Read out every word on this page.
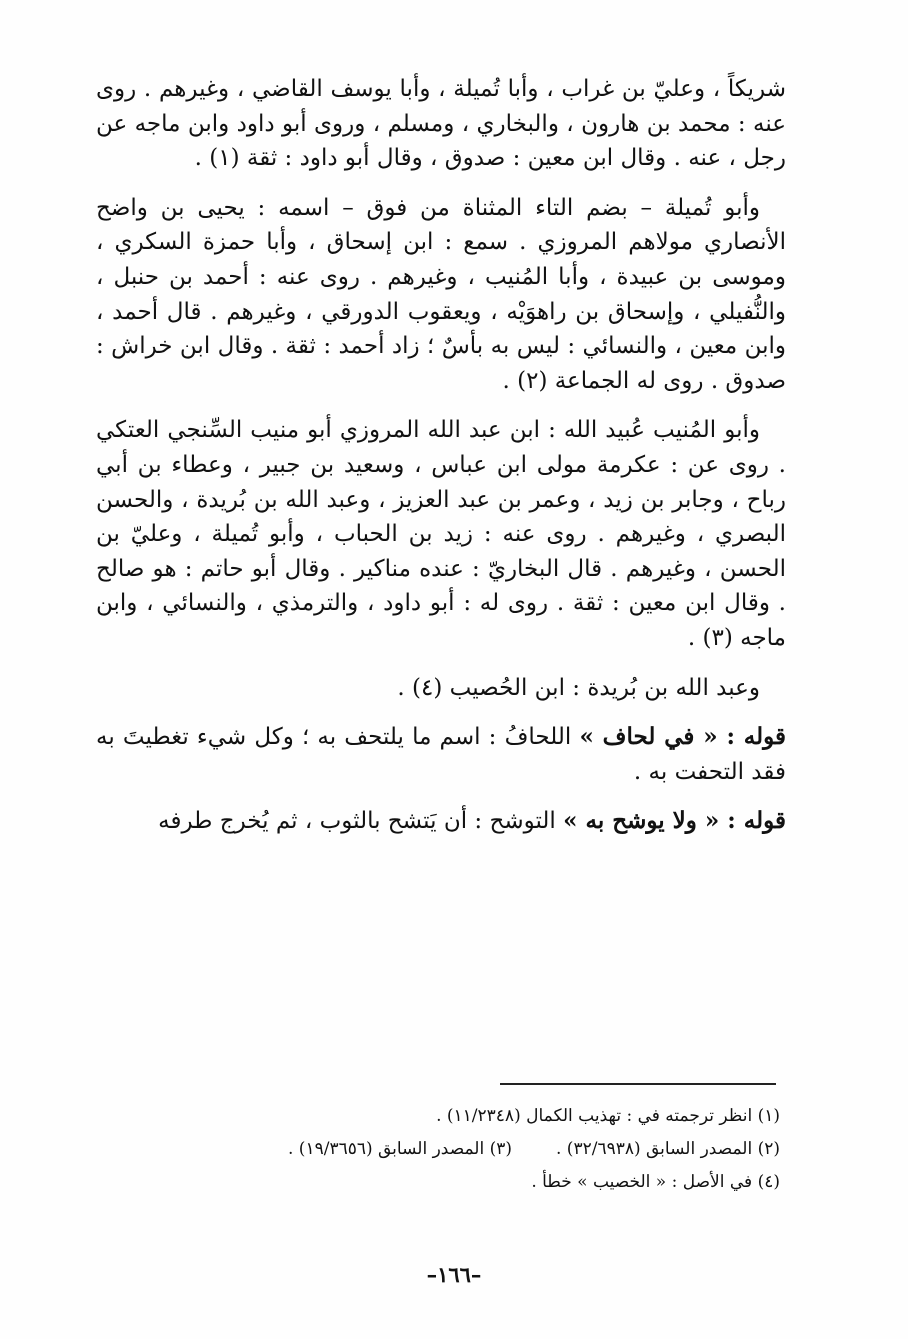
شريكاً ، وعليّ بن غراب ، وأبا تُميلة ، وأبا يوسف القاضي ، وغيرهم . روى عنه : محمد بن هارون ، والبخاري ، ومسلم ، وروى أبو داود وابن ماجه عن رجل ، عنه . وقال ابن معين : صدوق ، وقال أبو داود : ثقة (١) .

وأبو تُميلة – بضم التاء المثناة من فوق – اسمه : يحيى بن واضح الأنصاري مولاهم المروزي . سمع : ابن إسحاق ، وأبا حمزة السكري ، وموسى بن عبيدة ، وأبا المُنيب ، وغيرهم . روى عنه : أحمد بن حنبل ، والنُّفيلي ، وإسحاق بن راهوَيْه ، ويعقوب الدورقي ، وغيرهم . قال أحمد ، وابن معين ، والنسائي : ليس به بأسٌ ؛ زاد أحمد : ثقة . وقال ابن خراش : صدوق . روى له الجماعة (٢) .

وأبو المُنيب عُبيد الله : ابن عبد الله المروزي أبو منيب السِّنجي العتكي . روى عن : عكرمة مولى ابن عباس ، وسعيد بن جبير ، وعطاء بن أبي رباح ، وجابر بن زيد ، وعمر بن عبد العزيز ، وعبد الله بن بُريدة ، والحسن البصري ، وغيرهم . روى عنه : زيد بن الحباب ، وأبو تُميلة ، وعليّ بن الحسن ، وغيرهم . قال البخاريّ : عنده مناكير . وقال أبو حاتم : هو صالح . وقال ابن معين : ثقة . روى له : أبو داود ، والترمذي ، والنسائي ، وابن ماجه (٣) .

وعبد الله بن بُريدة : ابن الحُصيب (٤) .

قوله : « في لحاف » اللحافُ : اسم ما يلتحف به ؛ وكل شيء تغطيتَ به فقد التحفت به .

قوله : « ولا يوشح به » التوشح : أن يَتشح بالثوب ، ثم يُخرج طرفه

(١) انظر ترجمته في : تهذيب الكمال (١١/٢٣٤٨) .
(٢) المصدر السابق (٣٢/٦٩٣٨) .
(٣) المصدر السابق (١٩/٣٦٥٦) .
(٤) في الأصل : « الخصيب » خطأ .
–١٦٦–
